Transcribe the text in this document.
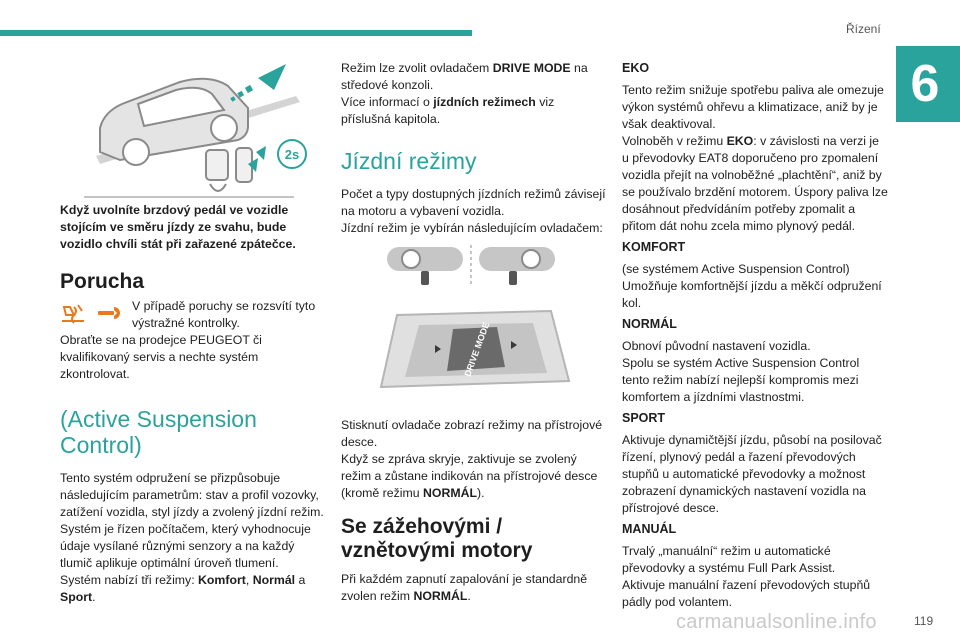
Řízení
6
2s

Když uvolníte brzdový pedál ve vozidle stojícím ve směru jízdy ze svahu, bude vozidlo chvíli stát při zařazené zpátečce.

Porucha

V případě poruchy se rozsvítí tyto výstražné kontrolky.

Obraťte se na prodejce PEUGEOT či kvalifikovaný servis a nechte systém zkontrolovat.

(Active Suspension Control)

Tento systém odpružení se přizpůsobuje následujícím parametrům: stav a profil vozovky, zatížení vozidla, styl jízdy a zvolený jízdní režim.

Systém je řízen počítačem, který vyhodnocuje údaje vysílané různými senzory a na každý tlumič aplikuje optimální úroveň tlumení.

Systém nabízí tři režimy: Komfort, Normál a Sport.

Režim lze zvolit ovladačem DRIVE MODE na středové konzoli.

Více informací o jízdních režimech viz příslušná kapitola.

Jízdní režimy

Počet a typy dostupných jízdních režimů závisejí na motoru a vybavení vozidla.

Jízdní režim je vybírán následujícím ovladačem:

DRIVE MODE

Stisknutí ovladače zobrazí režimy na přístrojové desce.

Když se zpráva skryje, zaktivuje se zvolený režim a zůstane indikován na přístrojové desce (kromě režimu NORMÁL).

Se zážehovými / vznětovými motory

Při každém zapnutí zapalování je standardně zvolen režim NORMÁL.

EKO

Tento režim snižuje spotřebu paliva ale omezuje výkon systémů ohřevu a klimatizace, aniž by je však deaktivoval.

Volnoběh v režimu EKO: v závislosti na verzi je u převodovky EAT8 doporučeno pro zpomalení vozidla přejít na volnoběžné „plachtění“, aniž by se používalo brzdění motorem. Úspory paliva lze dosáhnout předvídáním potřeby zpomalit a přitom dát nohu zcela mimo plynový pedál.

KOMFORT

(se systémem Active Suspension Control)

Umožňuje komfortnější jízdu a měkčí odpružení kol.

NORMÁL

Obnoví původní nastavení vozidla.

Spolu se systém Active Suspension Control tento režim nabízí nejlepší kompromis mezi komfortem a jízdními vlastnostmi.

SPORT

Aktivuje dynamičtější jízdu, působí na posilovač řízení, plynový pedál a řazení převodových stupňů u automatické převodovky a možnost zobrazení dynamických nastavení vozidla na přístrojové desce.

MANUÁL

Trvalý „manuální“ režim u automatické převodovky a systému Full Park Assist.

Aktivuje manuální řazení převodových stupňů pádly pod volantem.

carmanualsonline.info	119
